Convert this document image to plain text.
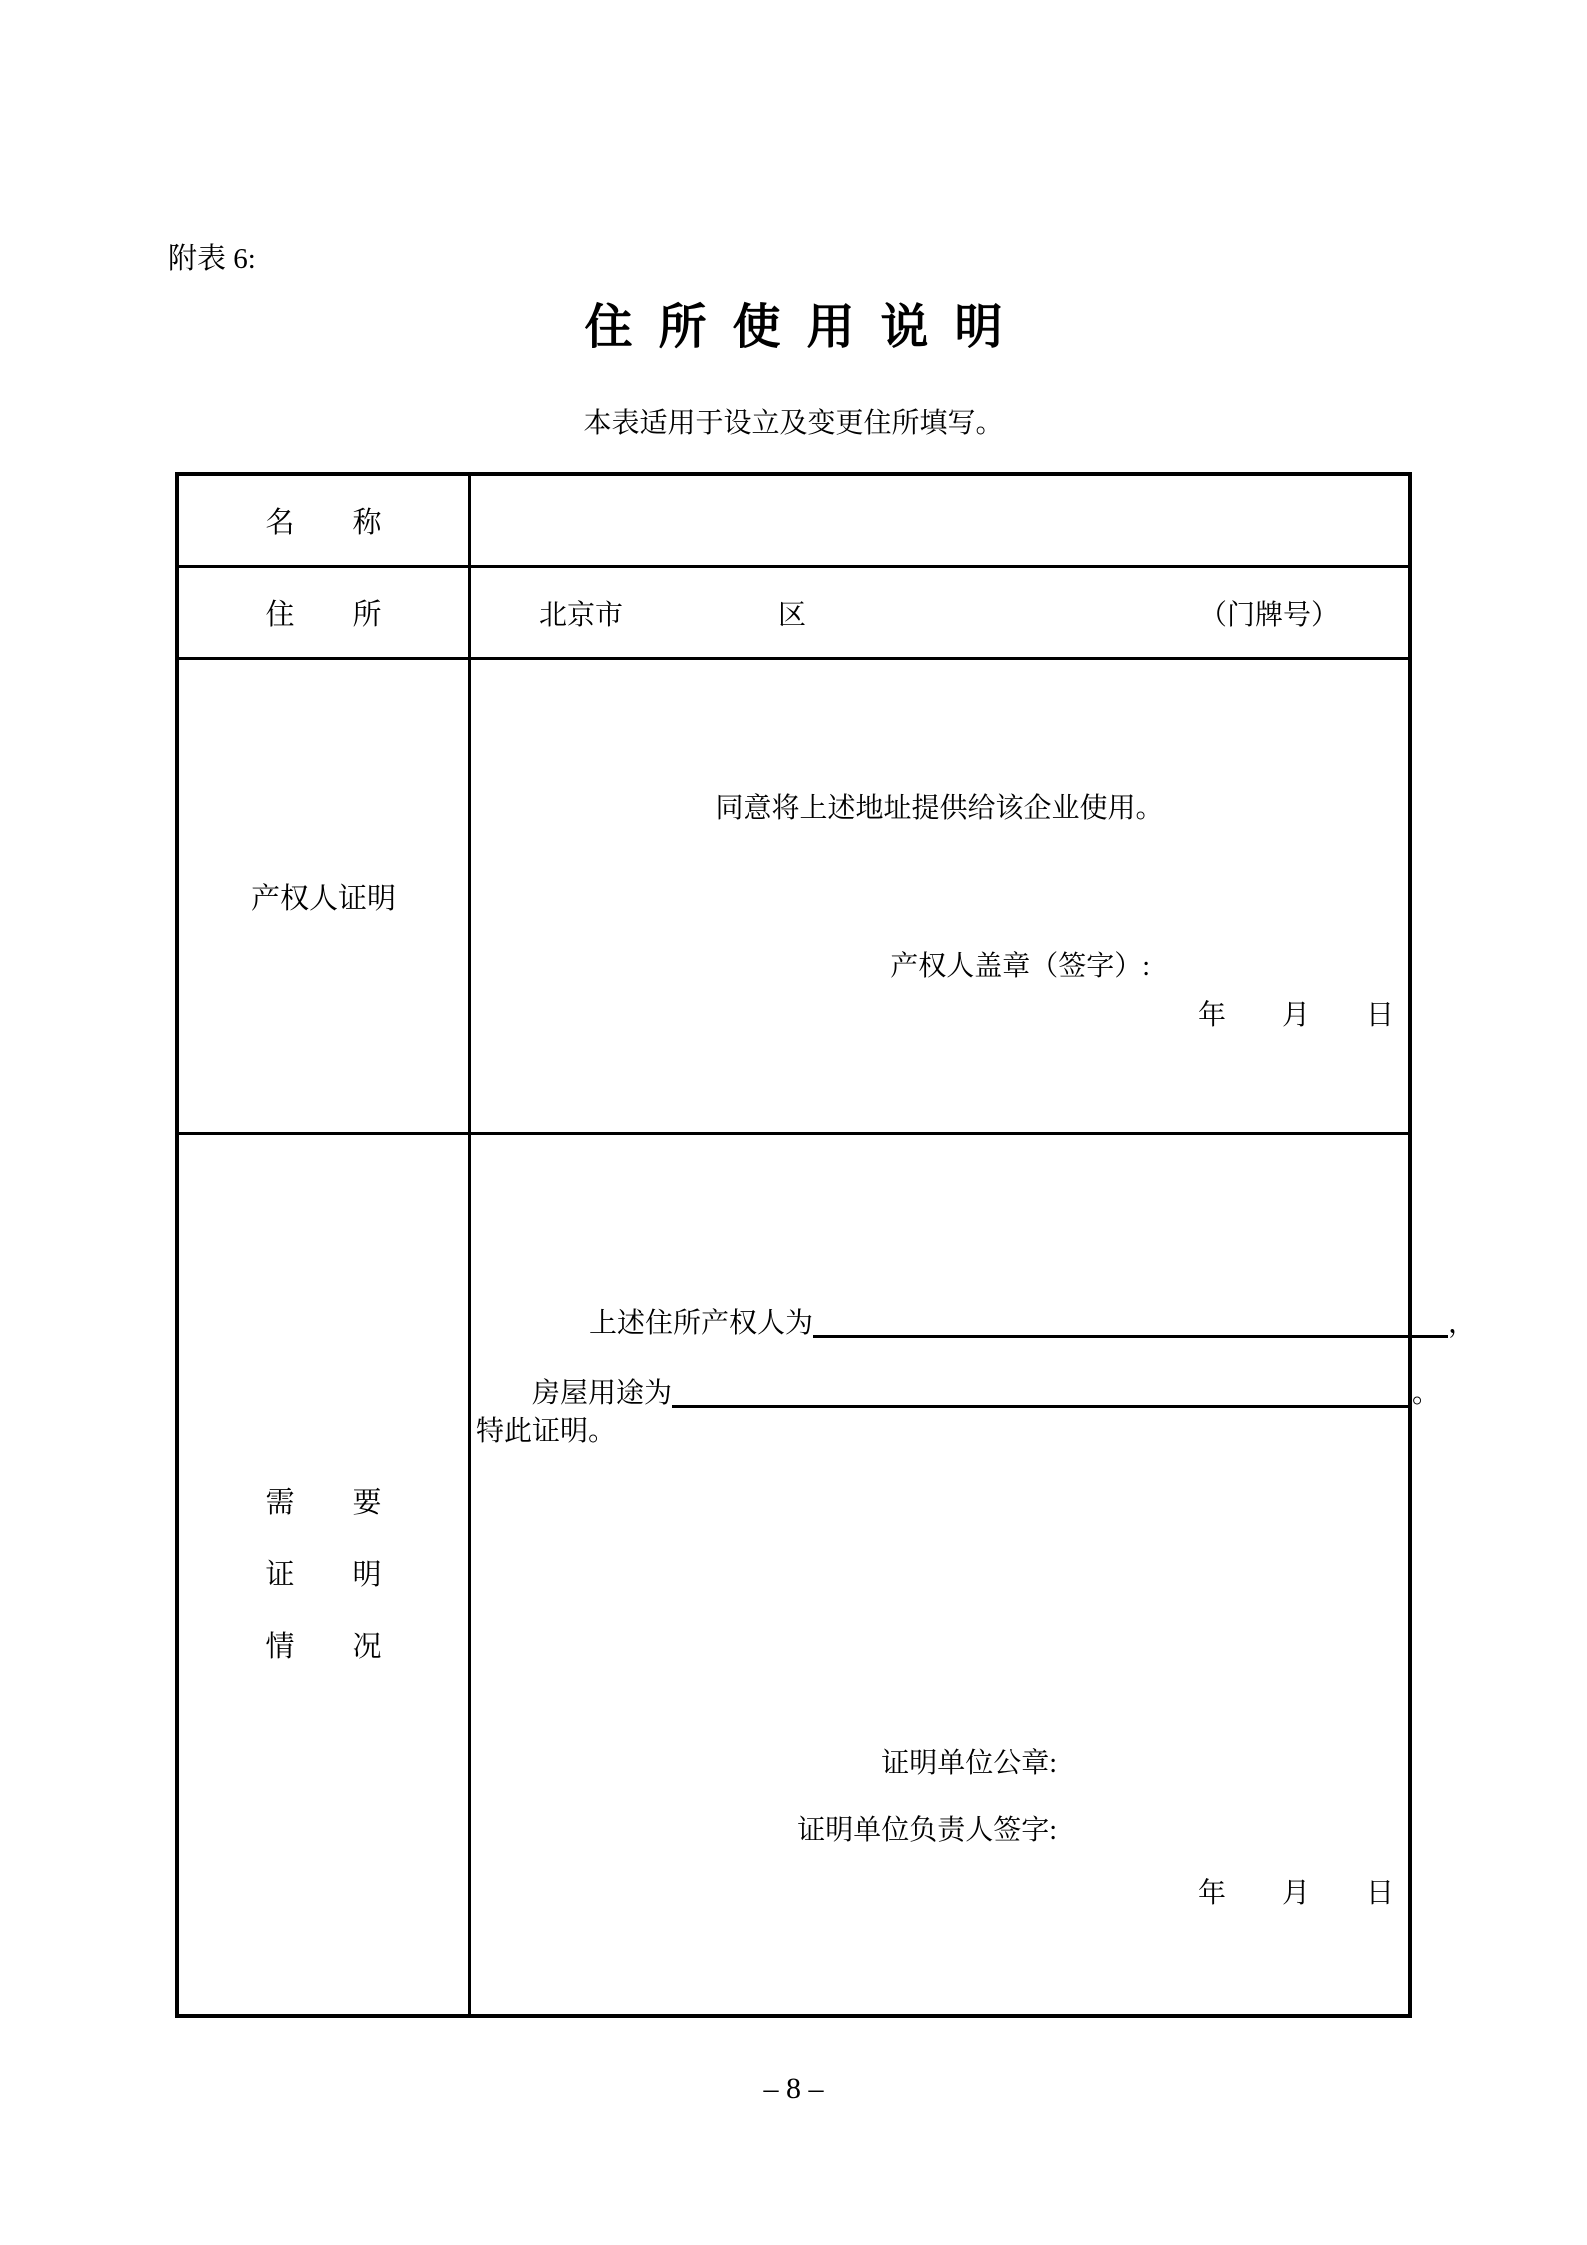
附表 6:
住所使用说明
本表适用于设立及变更住所填写。
名　　称
住　　所	北京市	区	（门牌号）
产权人证明
同意将上述地址提供给该企业使用。
产权人盖章（签字）:
年　　月　　日
需　　要
证　　明
情　　况

上述住所产权人为	，

房屋用途为	。

特此证明。
证明单位公章:
证明单位负责人签字:
年　　月　　日
– 8 –
